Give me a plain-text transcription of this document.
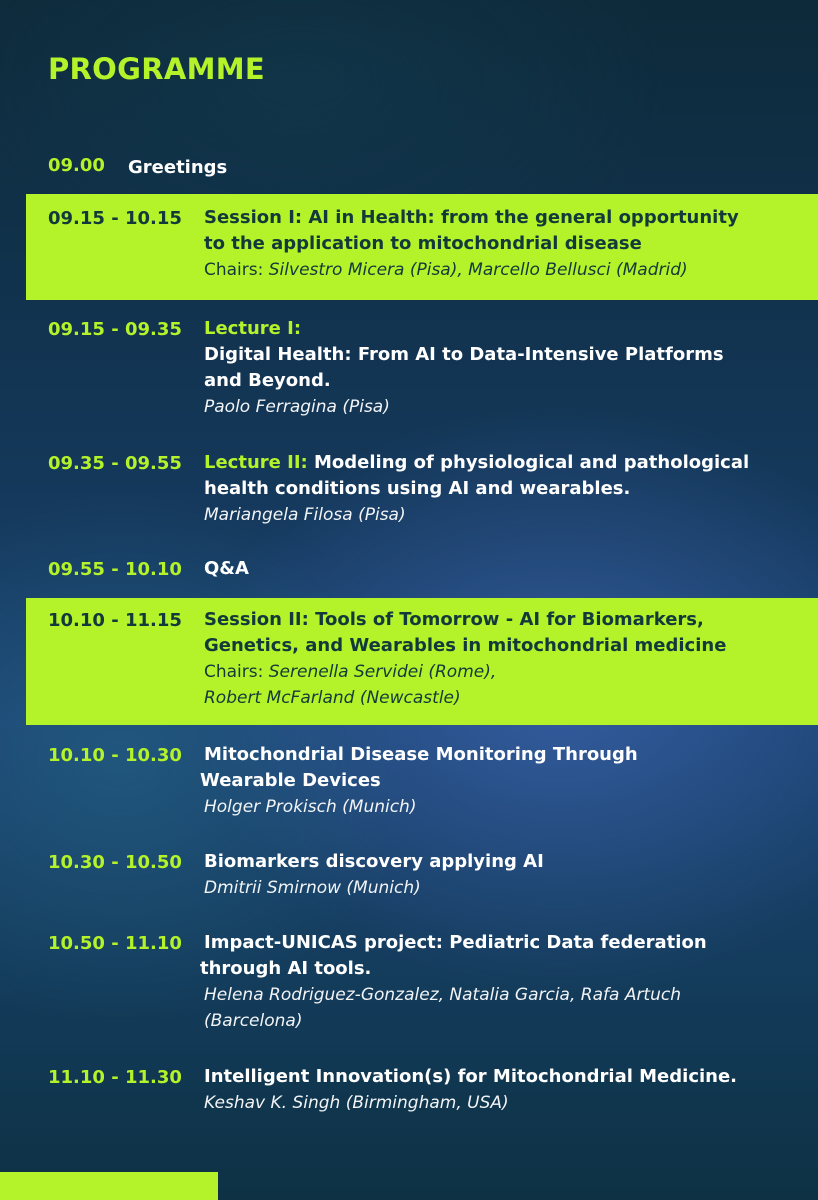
PROGRAMME
09.00 Greetings
09.15 - 10.15 Session I: AI in Health: from the general opportunity
to the application to mitochondrial disease
Chairs: Silvestro Micera (Pisa), Marcello Bellusci (Madrid)
09.15 - 09.35 Lecture I:
Digital Health: From AI to Data-Intensive Platforms
and Beyond.
Paolo Ferragina (Pisa)
09.35 - 09.55 Lecture II: Modeling of physiological and pathological
health conditions using AI and wearables.
Mariangela Filosa (Pisa)
09.55 - 10.10 Q&A
10.10 - 11.15 Session II: Tools of Tomorrow - AI for Biomarkers,
Genetics, and Wearables in mitochondrial medicine
Chairs: Serenella Servidei (Rome),
Robert McFarland (Newcastle)
10.10 - 10.30 Mitochondrial Disease Monitoring Through
Wearable Devices
Holger Prokisch (Munich)
10.30 - 10.50 Biomarkers discovery applying AI
Dmitrii Smirnow (Munich)
10.50 - 11.10 Impact-UNICAS project: Pediatric Data federation
through AI tools.
Helena Rodriguez-Gonzalez, Natalia Garcia, Rafa Artuch
(Barcelona)
11.10 - 11.30 Intelligent Innovation(s) for Mitochondrial Medicine.
Keshav K. Singh (Birmingham, USA)
